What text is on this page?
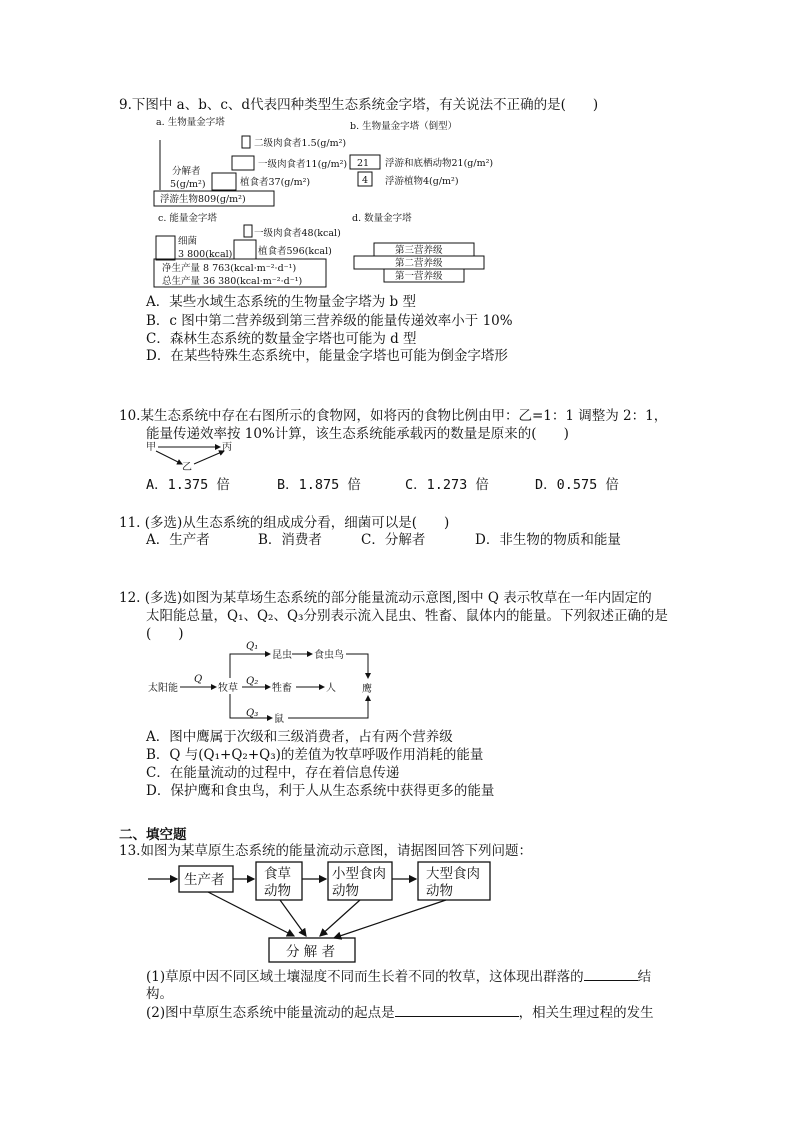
9.下图中 a、b、c、d代表四种类型生态系统金字塔，有关说法不正确的是(　　)
a. 生物量金字塔
二级肉食者1.5(g/m²)
一级肉食者11(g/m²)
植食者37(g/m²)
分解者
5(g/m²)
浮游生物809(g/m²)
b. 生物量金字塔（倒型）
21 浮游和底栖动物21(g/m²)
4 浮游植物4(g/m²)
c. 能量金字塔
一级肉食者48(kcal)
植食者596(kcal)
细菌
3 800(kcal)
净生产量 8 763(kcal·m⁻²·d⁻¹)
总生产量 36 380(kcal·m⁻²·d⁻¹)
d. 数量金字塔
第三营养级
第二营养级
第一营养级
A．某些水域生态系统的生物量金字塔为 b 型
B．c 图中第二营养级到第三营养级的能量传递效率小于 10%
C．森林生态系统的数量金字塔也可能为 d 型
D．在某些特殊生态系统中，能量金字塔也可能为倒金字塔形
10.某生态系统中存在右图所示的食物网，如将丙的食物比例由甲：乙=1：1 调整为 2：1，
能量传递效率按 10%计算，该生态系统能承载丙的数量是原来的(　　)
甲	丙
乙
A．1.375 倍	B．1.875 倍	C．1.273 倍	D．0.575 倍
11. (多选)从生态系统的组成成分看，细菌可以是(　　)
A．生产者	B．消费者	C．分解者	D．非生物的物质和能量
12. (多选)如图为某草场生态系统的部分能量流动示意图,图中 Q 表示牧草在一年内固定的
太阳能总量，Q₁、Q₂、Q₃分别表示流入昆虫、牲畜、鼠体内的能量。下列叙述正确的是
(　　)
太阳能
Q
牧草
Q₁
Q₂
Q₃
昆虫 食虫鸟
牲畜	人
鼠
鹰
A．图中鹰属于次级和三级消费者，占有两个营养级
B．Q 与(Q₁+Q₂+Q₃)的差值为牧草呼吸作用消耗的能量
C．在能量流动的过程中，存在着信息传递
D．保护鹰和食虫鸟，利于人从生态系统中获得更多的能量
二、填空题
13.如图为某草原生态系统的能量流动示意图，请据图回答下列问题：
生产者	食草
动物
小型食肉
动物
大型食肉
动物
分 解 者
(1)草原中因不同区域土壤湿度不同而生长着不同的牧草，这体现出群落的	结
构。
(2)图中草原生态系统中能量流动的起点是	，相关生理过程的发生
